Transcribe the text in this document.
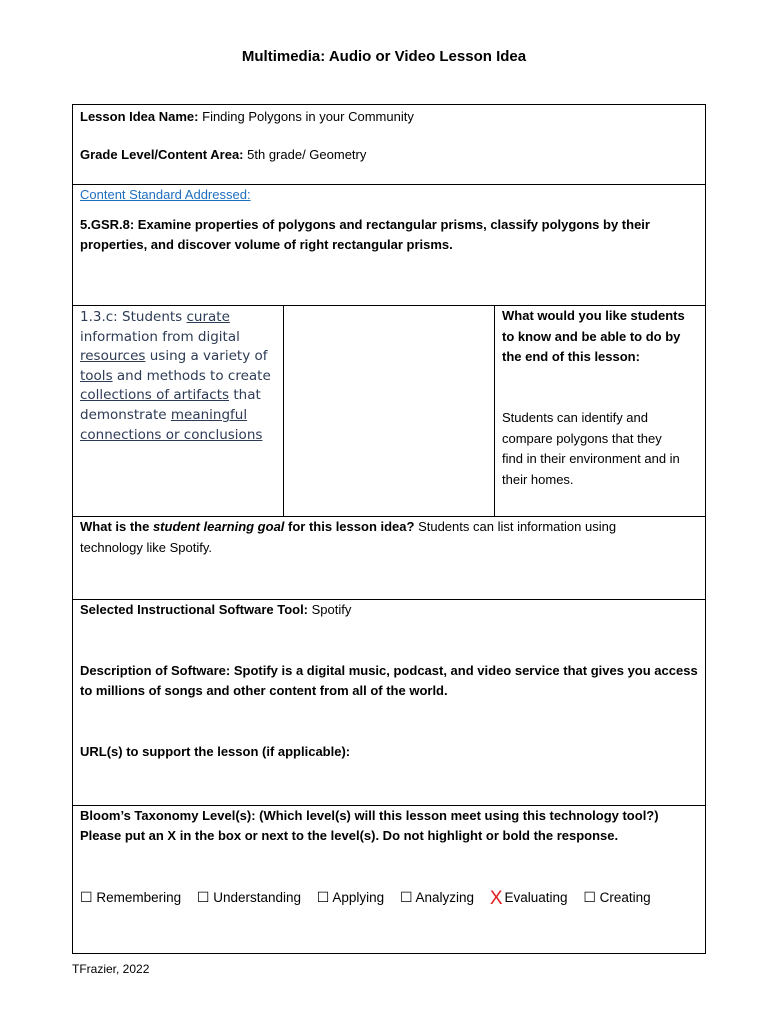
Multimedia: Audio or Video Lesson Idea
Lesson Idea Name: Finding Polygons in your Community
Grade Level/Content Area: 5th grade/ Geometry
Content Standard Addressed:
5.GSR.8: Examine properties of polygons and rectangular prisms, classify polygons by their
properties, and discover volume of right rectangular prisms.
1.3.c: Students curate
information from digital
resources using a variety of
tools and methods to create
collections of artifacts that
demonstrate meaningful
connections or conclusions
What would you like students
to know and be able to do by
the end of this lesson:
Students can identify and
compare polygons that they
find in their environment and in
their homes.
What is the student learning goal for this lesson idea? Students can list information using
technology like Spotify.
Selected Instructional Software Tool: Spotify
Description of Software: Spotify is a digital music, podcast, and video service that gives you access
to millions of songs and other content from all of the world.
URL(s) to support the lesson (if applicable):
Bloom’s Taxonomy Level(s): (Which level(s) will this lesson meet using this technology tool?)
Please put an X in the box or next to the level(s). Do not highlight or bold the response.
☐ Remembering ☐ Understanding ☐ Applying ☐ Analyzing X Evaluating ☐ Creating
TFrazier, 2022
